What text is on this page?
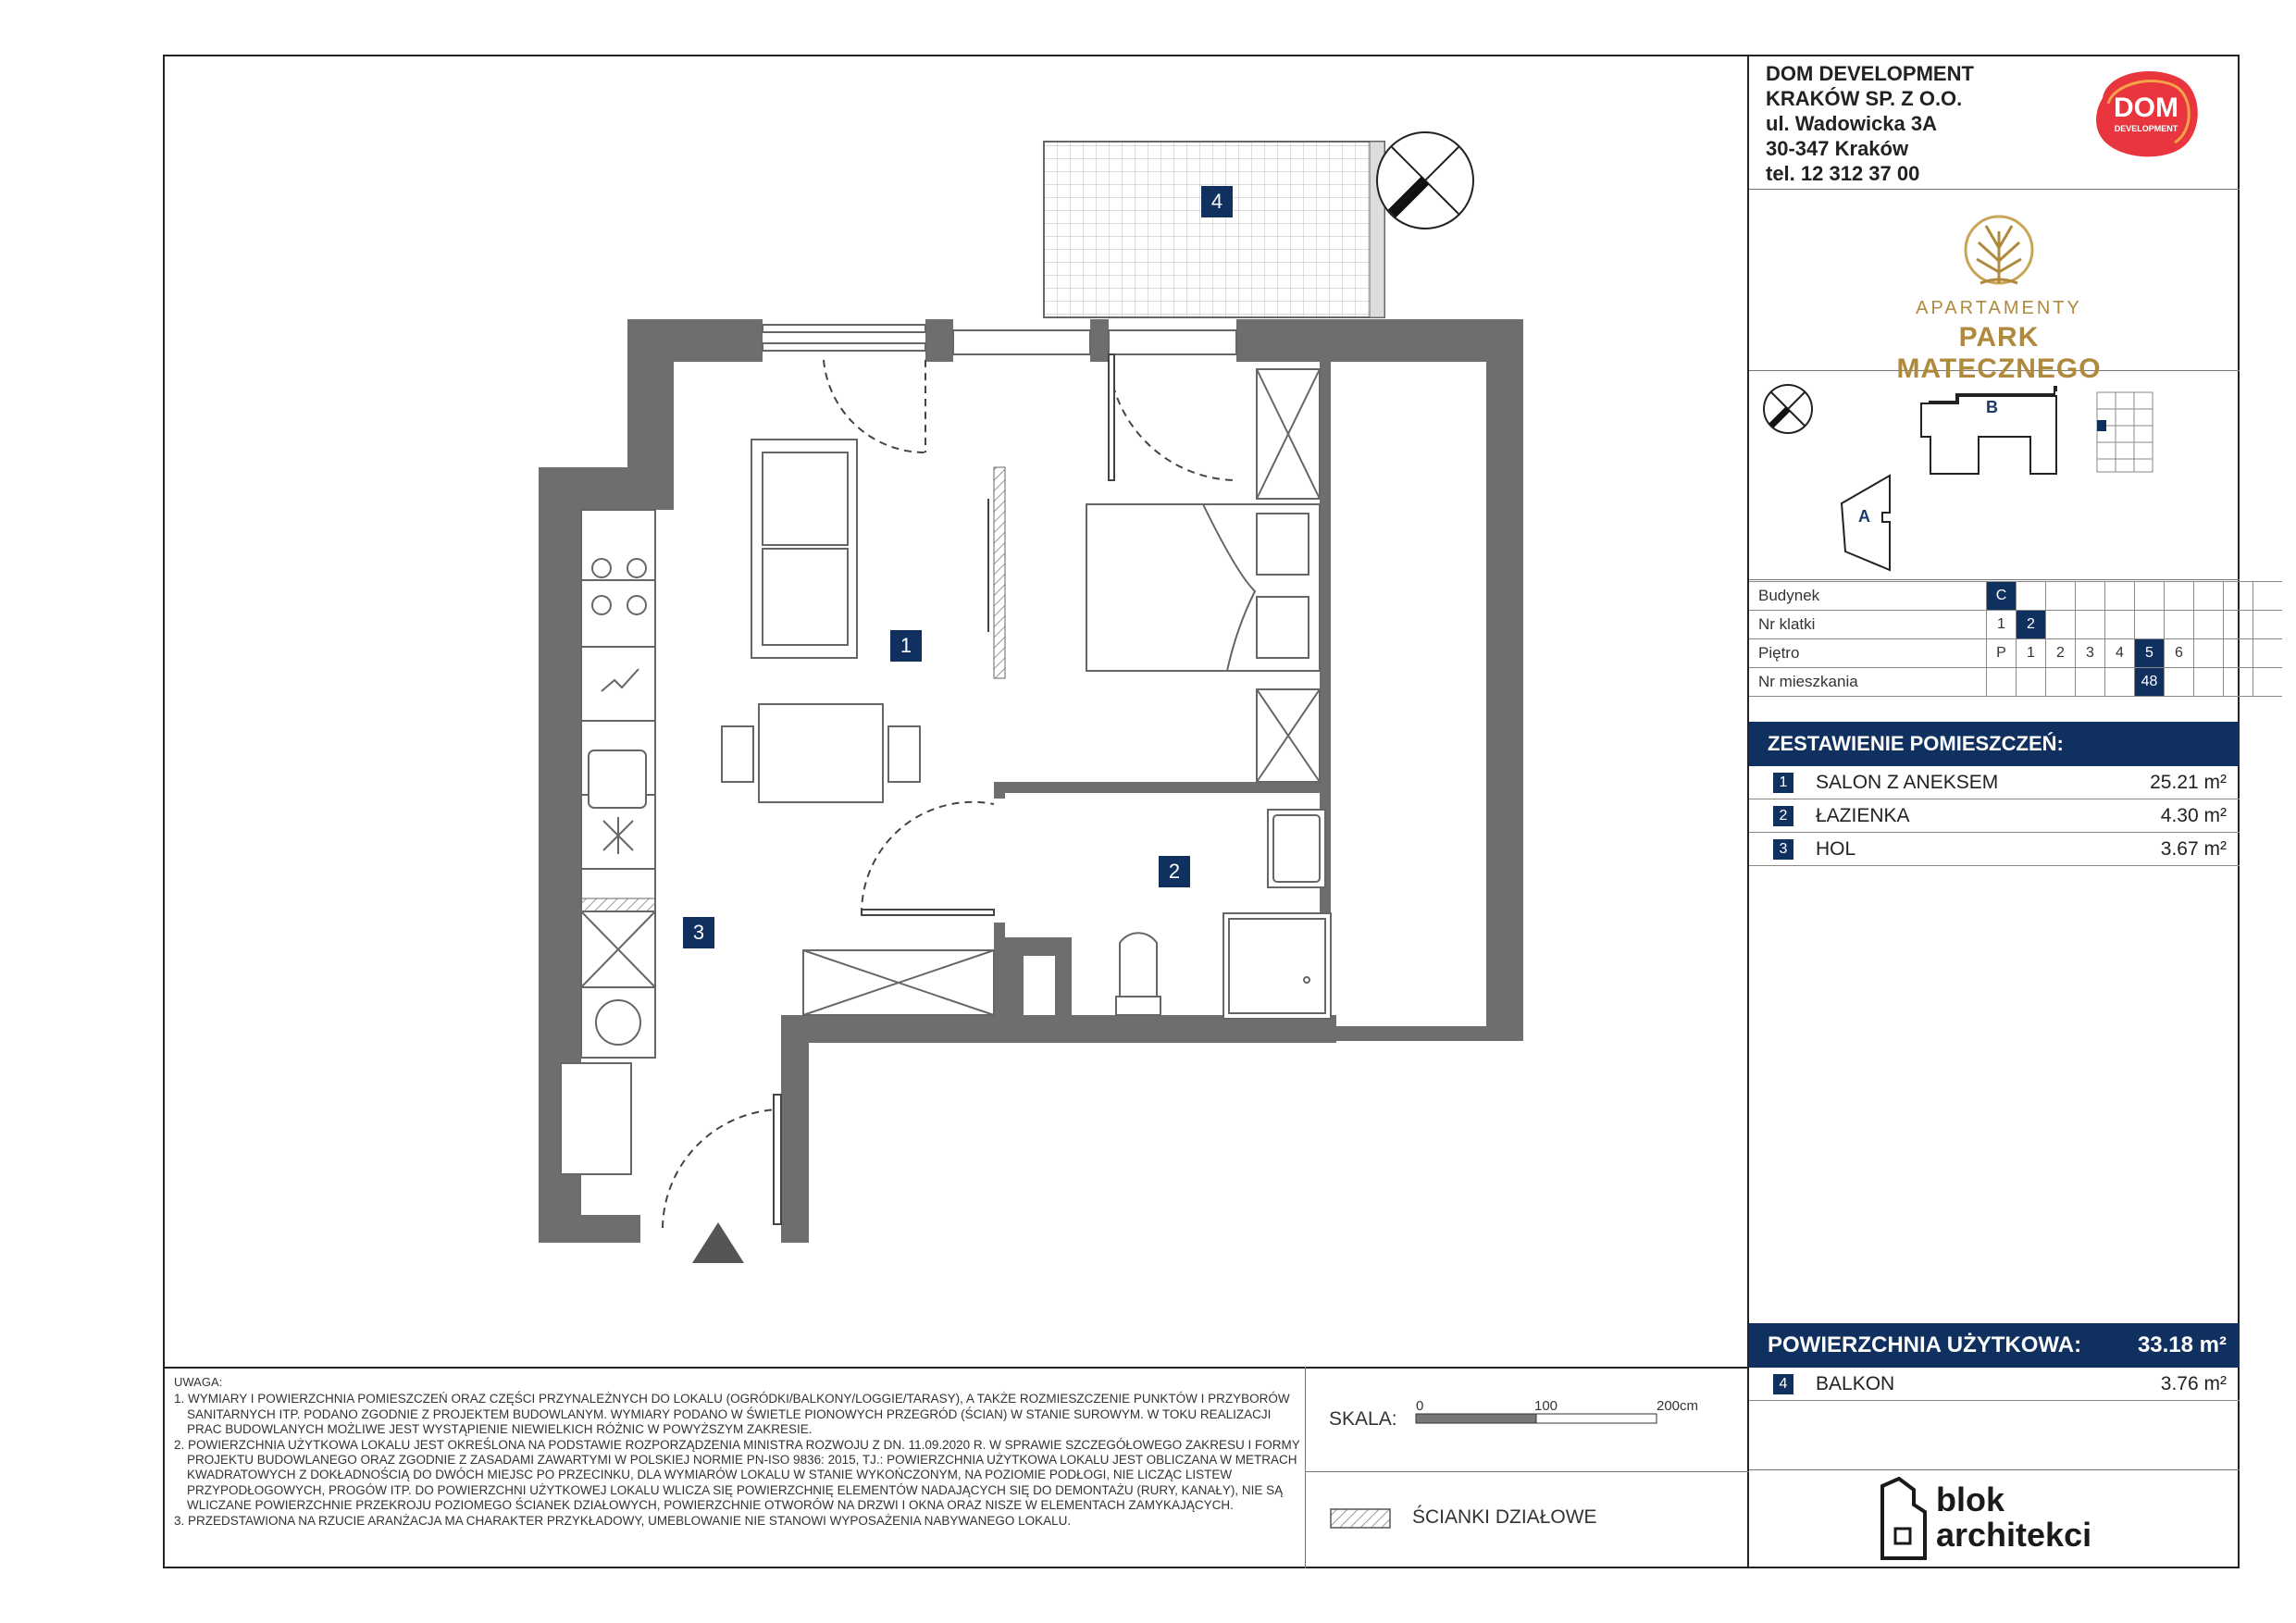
1
2
3
4
DOM DEVELOPMENT
KRAKÓW SP. Z O.O.
ul. Wadowicka 3A
30-347 Kraków
tel. 12 312 37 00
DOM
DEVELOPMENT
APARTAMENTY
PARK MATECZNEGO
B
A
Budynek	C									
Nr klatki	1	2								
Piętro	P	1	2	3	4	5	6			
Nr mieszkania						48				
ZESTAWIENIE POMIESZCZEŃ:
1	SALON Z ANEKSEM	25.21 m²
2	ŁAZIENKA	4.30 m²
3	HOL	3.67 m²
POWIERZCHNIA UŻYTKOWA:	33.18 m²
4	BALKON	3.76 m²
UWAGA:

1. WYMIARY I POWIERZCHNIA POMIESZCZEŃ ORAZ CZĘŚCI PRZYNALEŻNYCH DO LOKALU (OGRÓDKI/BALKONY/LOGGIE/TARASY), A TAKŻE ROZMIESZCZENIE PUNKTÓW I PRZYBORÓW SANITARNYCH ITP. PODANO ZGODNIE Z PROJEKTEM BUDOWLANYM. WYMIARY PODANO W ŚWIETLE PIONOWYCH PRZEGRÓD (ŚCIAN) W STANIE SUROWYM. W TOKU REALIZACJI PRAC BUDOWLANYCH MOŻLIWE JEST WYSTĄPIENIE NIEWIELKICH RÓŻNIC W POWYŻSZYM ZAKRESIE.

2. POWIERZCHNIA UŻYTKOWA LOKALU JEST OKREŚLONA NA PODSTAWIE ROZPORZĄDZENIA MINISTRA ROZWOJU Z DN. 11.09.2020 R. W SPRAWIE SZCZEGÓŁOWEGO ZAKRESU I FORMY PROJEKTU BUDOWLANEGO ORAZ ZGODNIE Z ZASADAMI ZAWARTYMI W POLSKIEJ NORMIE PN-ISO 9836: 2015, TJ.: POWIERZCHNIA UŻYTKOWA LOKALU JEST OBLICZANA W METRACH KWADRATOWYCH Z DOKŁADNOŚCIĄ DO DWÓCH MIEJSC PO PRZECINKU, DLA WYMIARÓW LOKALU W STANIE WYKOŃCZONYM, NA POZIOMIE PODŁOGI, NIE LICZĄC LISTEW PRZYPODŁOGOWYCH, PROGÓW ITP. DO POWIERZCHNI UŻYTKOWEJ LOKALU WLICZA SIĘ POWIERZCHNIĘ ELEMENTÓW NADAJĄCYCH SIĘ DO DEMONTAŻU (RURY, KANAŁY), NIE SĄ WLICZANE POWIERZCHNIE PRZEKROJU POZIOMEGO ŚCIANEK DZIAŁOWYCH, POWIERZCHNIE OTWORÓW NA DRZWI I OKNA ORAZ NISZE W ELEMENTACH ZAMYKAJĄCYCH.

3. PRZEDSTAWIONA NA RZUCIE ARANŻACJA MA CHARAKTER PRZYKŁADOWY, UMEBLOWANIE NIE STANOWI WYPOSAŻENIA NABYWANEGO LOKALU.

SKALA:
0	100	200cm
ŚCIANKI DZIAŁOWE	blok
architekci
